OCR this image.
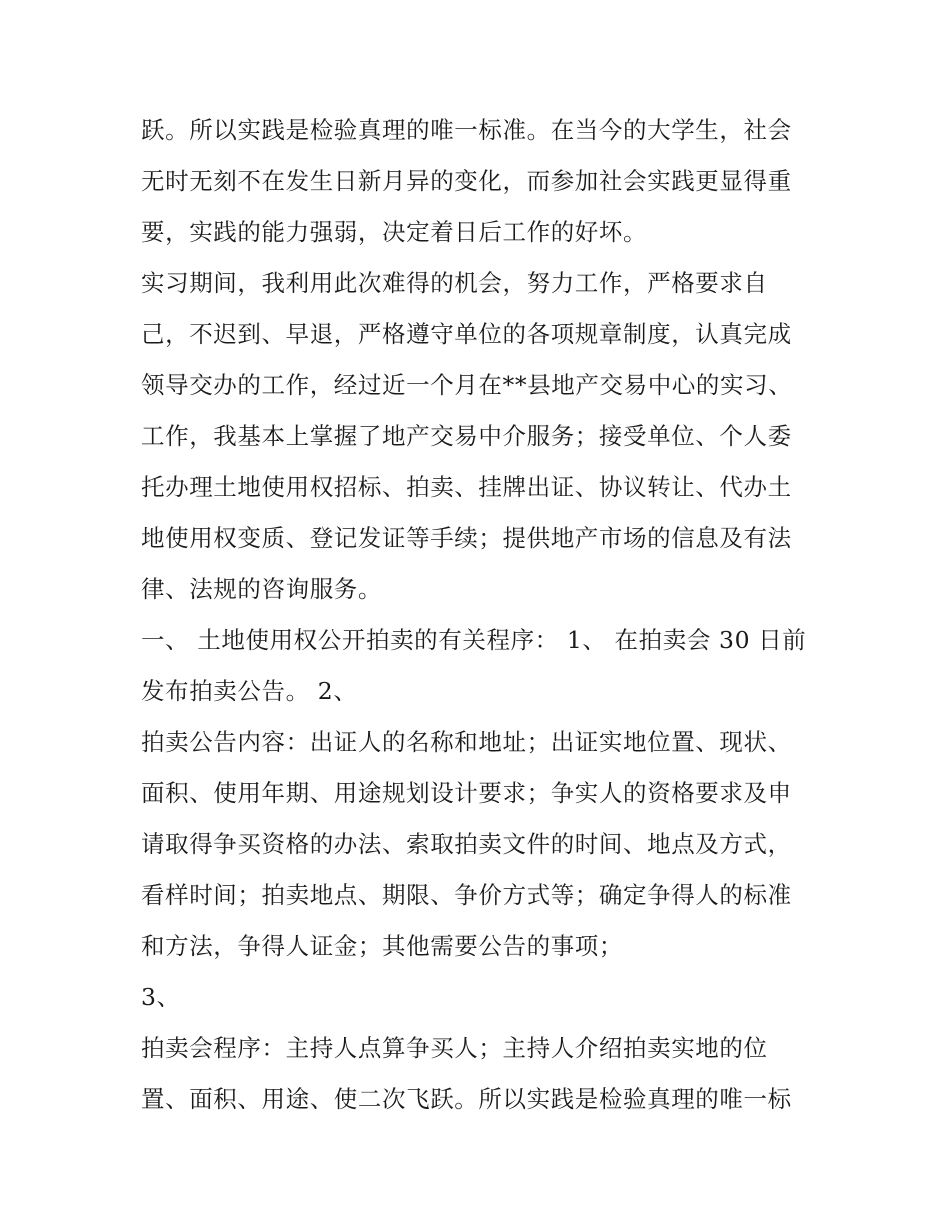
跃。所以实践是检验真理的唯一标准。在当今的大学生，社会
无时无刻不在发生日新月异的变化，而参加社会实践更显得重
要，实践的能力强弱，决定着日后工作的好坏。
实习期间，我利用此次难得的机会，努力工作，严格要求自
己，不迟到、早退，严格遵守单位的各项规章制度，认真完成
领导交办的工作，经过近一个月在**县地产交易中心的实习、
工作，我基本上掌握了地产交易中介服务；接受单位、个人委
托办理土地使用权招标、拍卖、挂牌出证、协议转让、代办土
地使用权变质、登记发证等手续；提供地产市场的信息及有法
律、法规的咨询服务。
一、 土地使用权公开拍卖的有关程序： 1、 在拍卖会 30 日前
发布拍卖公告。 2、
拍卖公告内容：出证人的名称和地址；出证实地位置、现状、
面积、使用年期、用途规划设计要求；争实人的资格要求及申
请取得争买资格的办法、索取拍卖文件的时间、地点及方式，
看样时间；拍卖地点、期限、争价方式等；确定争得人的标准
和方法，争得人证金；其他需要公告的事项；
3、
拍卖会程序：主持人点算争买人；主持人介绍拍卖实地的位
置、面积、用途、使二次飞跃。所以实践是检验真理的唯一标
